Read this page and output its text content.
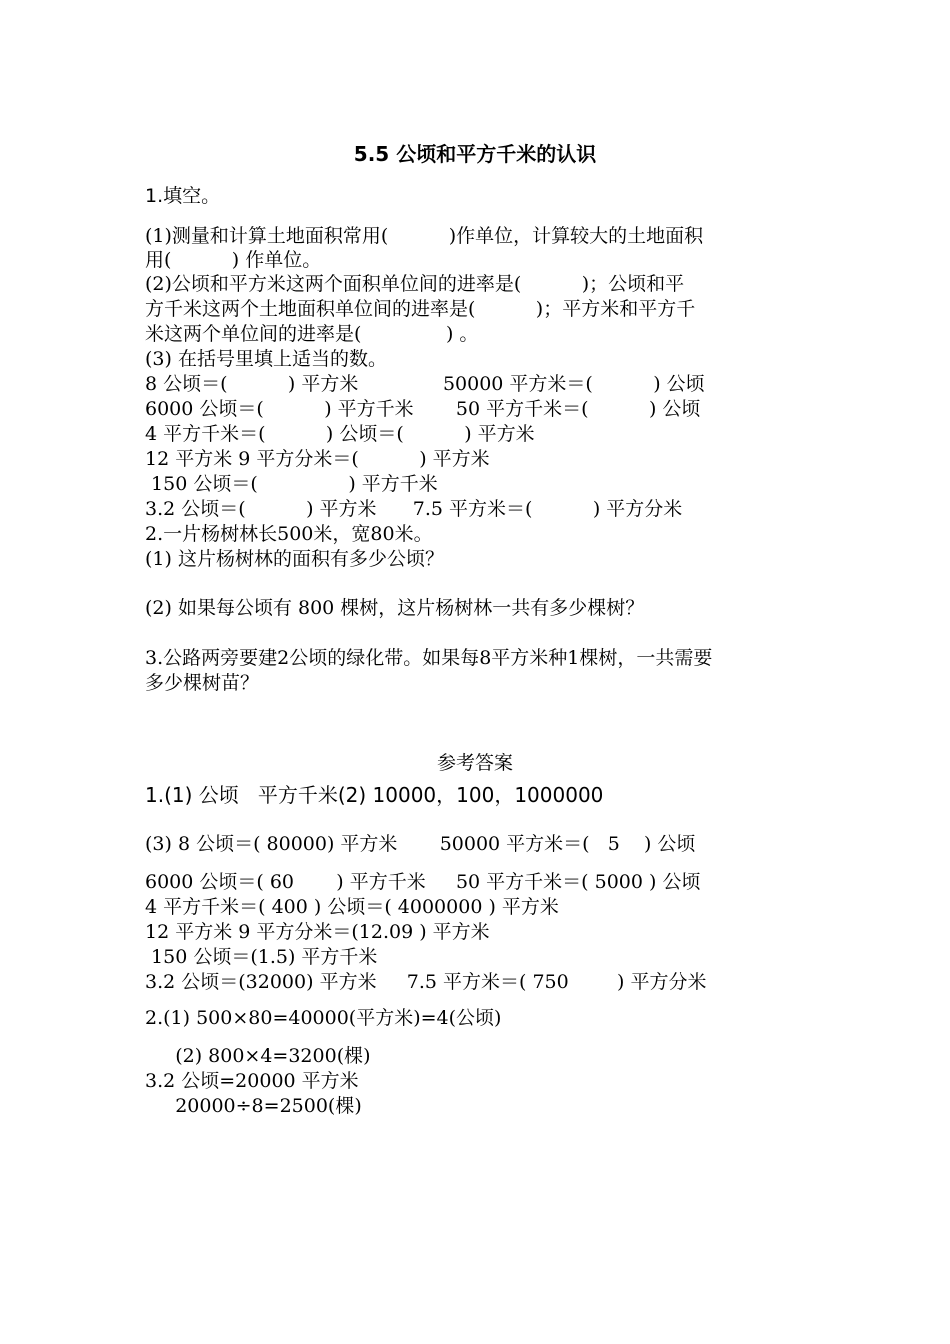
5.5 公顷和平方千米的认识
1.填空。
(1)测量和计算土地面积常用(          )作单位，计算较大的土地面积
用(          ) 作单位。
(2)公顷和平方米这两个面积单位间的进率是(          )；公顷和平
方千米这两个土地面积单位间的进率是(          )；平方米和平方千
米这两个单位间的进率是(              ) 。
(3) 在括号里填上适当的数。
8 公顷＝(          ) 平方米              50000 平方米＝(          ) 公顷
6000 公顷＝(          ) 平方千米       50 平方千米＝(          ) 公顷
4 平方千米＝(          ) 公顷＝(          ) 平方米
12 平方米 9 平方分米＝(          ) 平方米
150 公顷＝(               ) 平方千米
3.2 公顷＝(          ) 平方米      7.5 平方米＝(          ) 平方分米
2.一片杨树林长500米，宽80米。
(1) 这片杨树林的面积有多少公顷？
(2) 如果每公顷有 800 棵树，这片杨树林一共有多少棵树？
3.公路两旁要建2公顷的绿化带。如果每8平方米种1棵树，一共需要
多少棵树苗？
参考答案
1.(1) 公顷   平方千米(2) 10000，100，1000000
(3) 8 公顷＝( 80000) 平方米       50000 平方米＝(   5    ) 公顷
6000 公顷＝( 60       ) 平方千米     50 平方千米＝( 5000 ) 公顷
4 平方千米＝( 400 ) 公顷＝( 4000000 ) 平方米
12 平方米 9 平方分米＝(12.09 ) 平方米
150 公顷＝(1.5) 平方千米
3.2 公顷＝(32000) 平方米     7.5 平方米＝( 750        ) 平方分米
2.(1) 500×80=40000(平方米)=4(公顷)
(2) 800×4=3200(棵)
3.2 公顷=20000 平方米
20000÷8=2500(棵)
